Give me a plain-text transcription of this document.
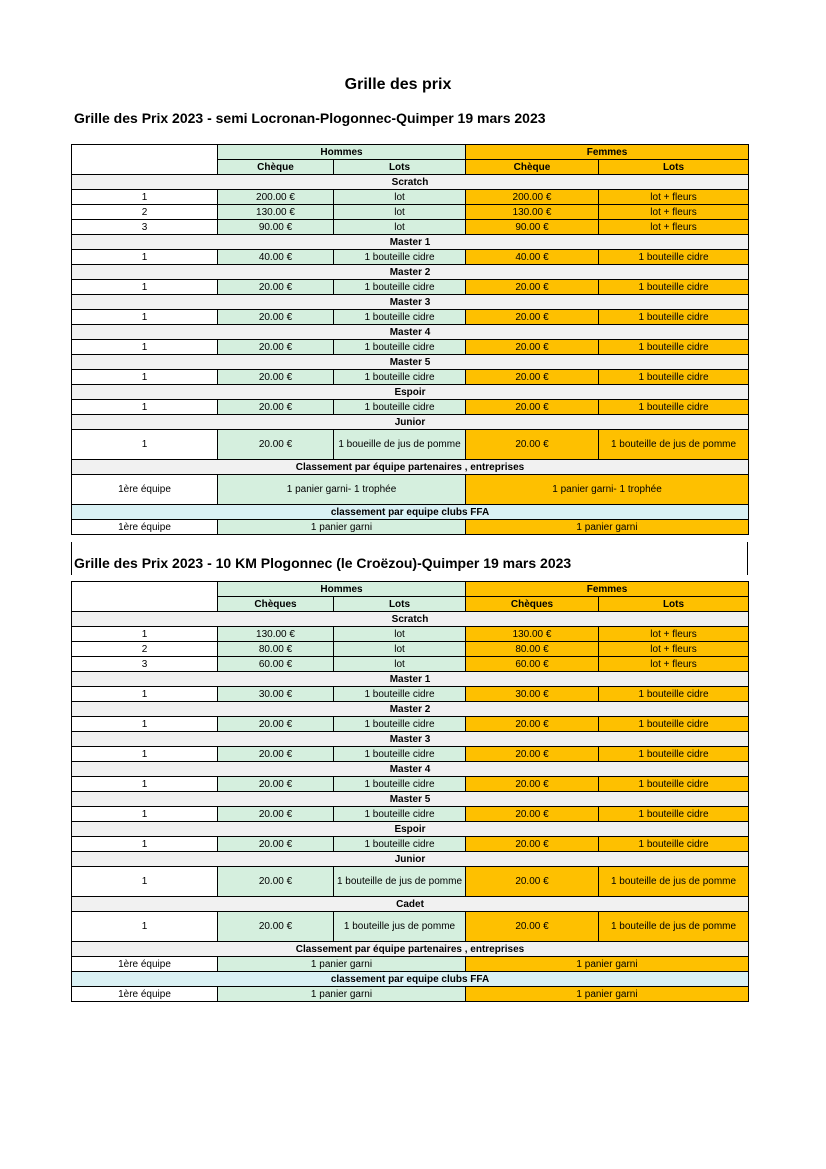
Grille des prix
Grille des Prix 2023 - semi Locronan-Plogonnec-Quimper 19 mars 2023
	Hommes		Femmes	
	Chèque	Lots	Chèque	Lots
Scratch				
1	200.00 €	lot	200.00 €	lot + fleurs
2	130.00 €	lot	130.00 €	lot + fleurs
3	90.00 €	lot	90.00 €	lot + fleurs
Master 1				
1	40.00 €	1 bouteille cidre	40.00 €	1 bouteille cidre
Master 2				
1	20.00 €	1 bouteille cidre	20.00 €	1 bouteille cidre
Master 3				
1	20.00 €	1 bouteille cidre	20.00 €	1 bouteille cidre
Master 4				
1	20.00 €	1 bouteille cidre	20.00 €	1 bouteille cidre
Master 5				
1	20.00 €	1 bouteille cidre	20.00 €	1 bouteille cidre
Espoir				
1	20.00 €	1 bouteille cidre	20.00 €	1 bouteille cidre
Junior				
1	20.00 €	1 boueille de jus de pomme	20.00 €	1 bouteille de jus de pomme
Classement par équipe partenaires , entreprises				
1ère équipe	1 panier garni- 1 trophée		1 panier garni- 1 trophée	
classement par equipe clubs FFA				
1ère équipe	1 panier garni		1 panier garni	
Grille des Prix 2023 - 10 KM Plogonnec (le Croëzou)-Quimper 19 mars 2023
	Hommes		Femmes	
	Chèques	Lots	Chèques	Lots
Scratch				
1	130.00 €	lot	130.00 €	lot + fleurs
2	80.00 €	lot	80.00 €	lot + fleurs
3	60.00 €	lot	60.00 €	lot + fleurs
Master 1				
1	30.00 €	1 bouteille cidre	30.00 €	1 bouteille cidre
Master 2				
1	20.00 €	1 bouteille cidre	20.00 €	1 bouteille cidre
Master 3				
1	20.00 €	1 bouteille cidre	20.00 €	1 bouteille cidre
Master 4				
1	20.00 €	1 bouteille cidre	20.00 €	1 bouteille cidre
Master 5				
1	20.00 €	1 bouteille cidre	20.00 €	1 bouteille cidre
Espoir				
1	20.00 €	1 bouteille cidre	20.00 €	1 bouteille cidre
Junior				
1	20.00 €	1 bouteille de jus de pomme	20.00 €	1 bouteille de jus de pomme
Cadet				
1	20.00 €	1 bouteille jus de pomme	20.00 €	1 bouteille de jus de pomme
Classement par équipe partenaires , entreprises				
1ère équipe	1 panier garni		1 panier garni	
classement par equipe clubs FFA				
1ère équipe	1 panier garni		1 panier garni	
